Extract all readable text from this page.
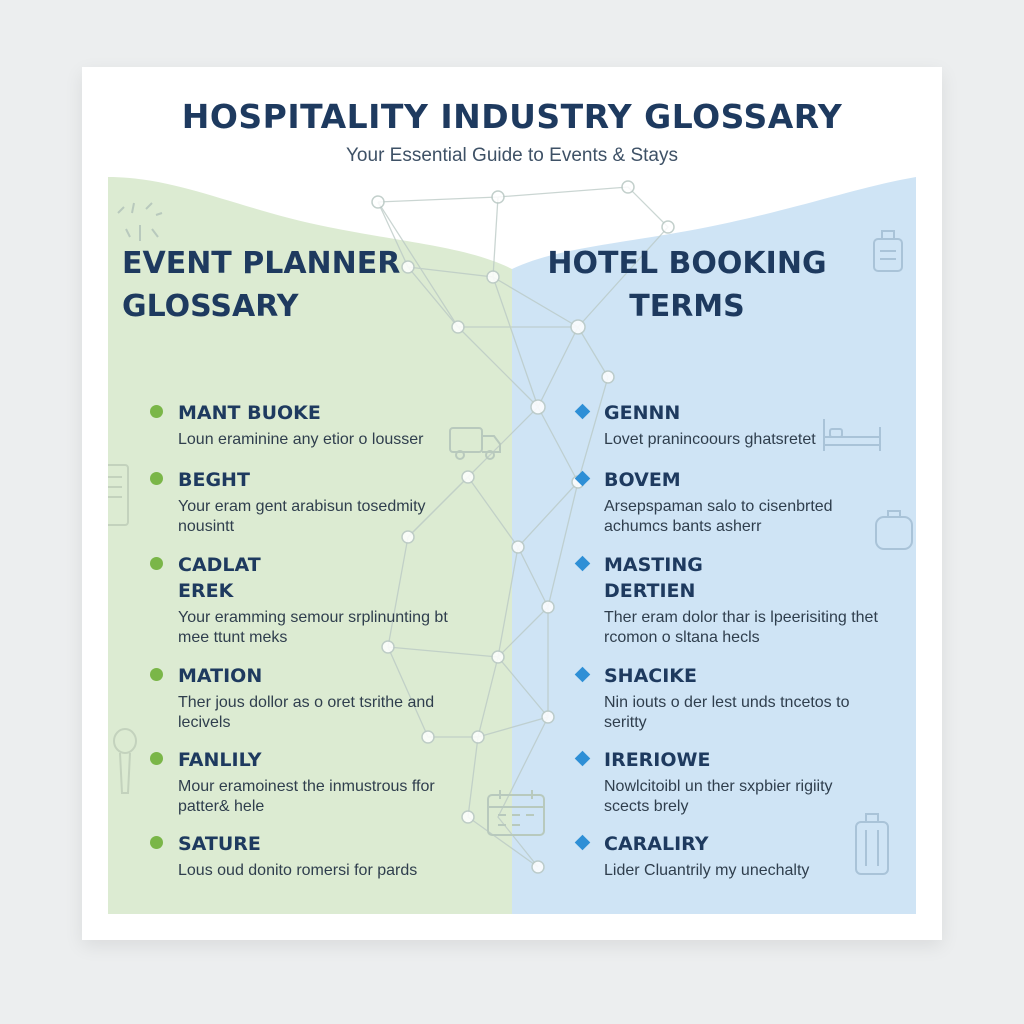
HOSPITALITY INDUSTRY GLOSSARY
Your Essential Guide to Events & Stays
EVENT PLANNER
GLOSSARY
HOTEL BOOKING
TERMS
MANT BUOKE
Loun eraminine any etior o lousser
BEGHT
Your eram gent arabisun tosedmity nousintt
CADLAT EREK
Your eramming semour srplinunting bt mee ttunt meks
MATION
Ther jous dollor as o oret tsrithe and lecivels
FANLILY
Mour eramoinest the inmustrous ffor patter& hele
SATURE
Lous oud donito romersi for pards
GENNN
Lovet pranincoours ghatsretet
BOVEM
Arsepspaman salo to cisenbrted achumcs bants asherr
MASTING DERTIEN
Ther eram dolor thar is lpeerisiting thet rcomon o sltana hecls
SHACIKE
Nin iouts o der lest unds tncetos to seritty
IRERIOWE
Nowlcitoibl un ther sxpbier rigiity scects brely
CARALIRY
Lider Cluantrily my unechalty
